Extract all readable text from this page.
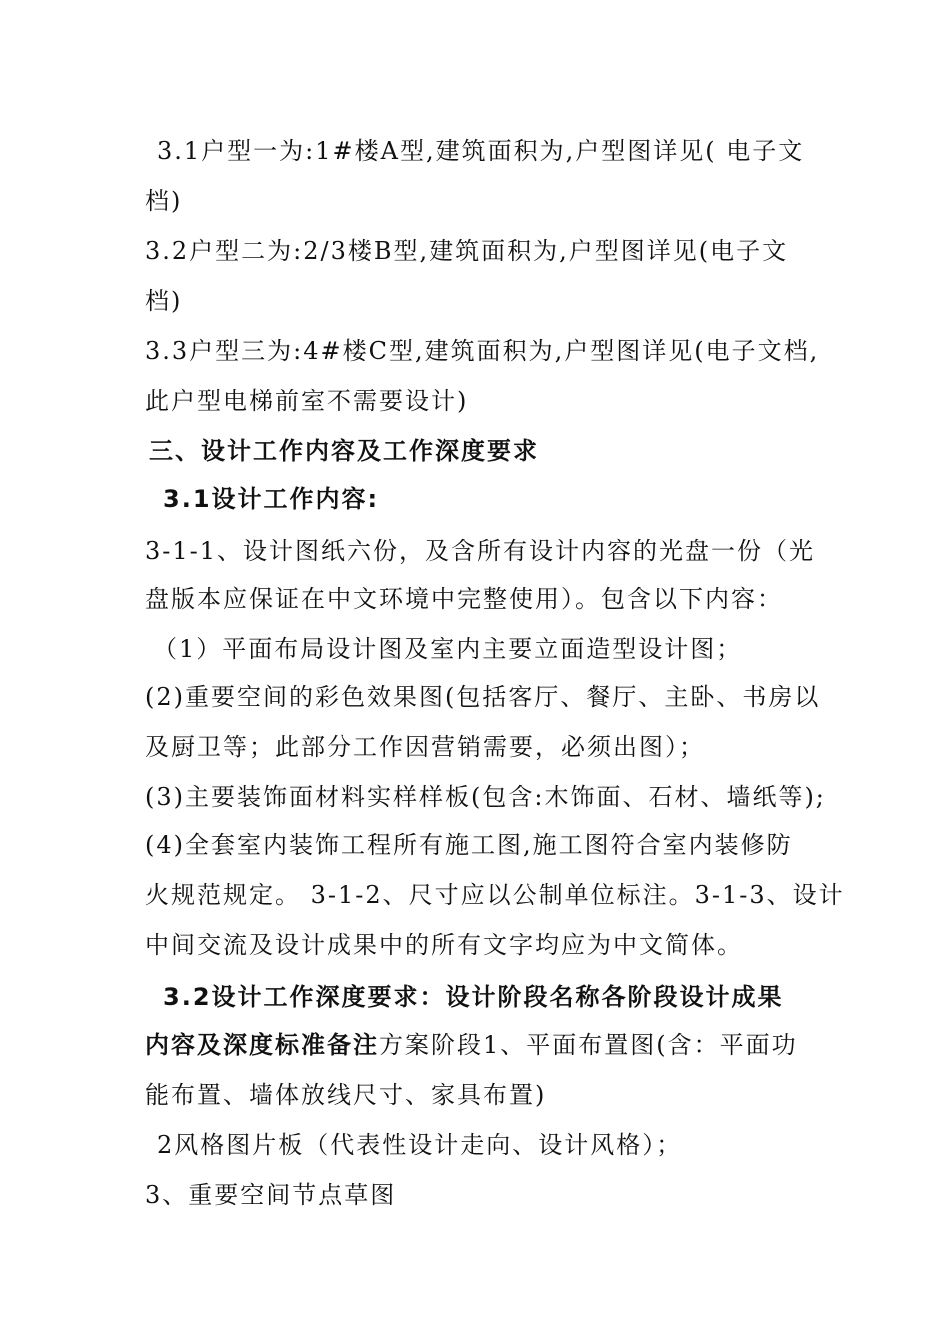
3.1户型一为:1#楼A型,建筑面积为,户型图详见( 电子文
档)
3.2户型二为:2/3楼B型,建筑面积为,户型图详见(电子文
档)
3.3户型三为:4#楼C型,建筑面积为,户型图详见(电子文档,
此户型电梯前室不需要设计)
三、设计工作内容及工作深度要求
3.1设计工作内容:
3-1-1、设计图纸六份，及含所有设计内容的光盘一份（光
盘版本应保证在中文环境中完整使用）。包含以下内容：
（1）平面布局设计图及室内主要立面造型设计图；
(2)重要空间的彩色效果图(包括客厅、餐厅、主卧、书房以
及厨卫等；此部分工作因营销需要，必须出图）；
(3)主要装饰面材料实样样板(包含:木饰面、石材、墙纸等);
(4)全套室内装饰工程所有施工图,施工图符合室内装修防
火规范规定。 3-1-2、尺寸应以公制单位标注。3-1-3、设计
中间交流及设计成果中的所有文字均应为中文简体。
3.2设计工作深度要求：设计阶段名称各阶段设计成果
内容及深度标准备注方案阶段1、平面布置图(含：平面功
能布置、墙体放线尺寸、家具布置)
2风格图片板（代表性设计走向、设计风格）；
3、重要空间节点草图
